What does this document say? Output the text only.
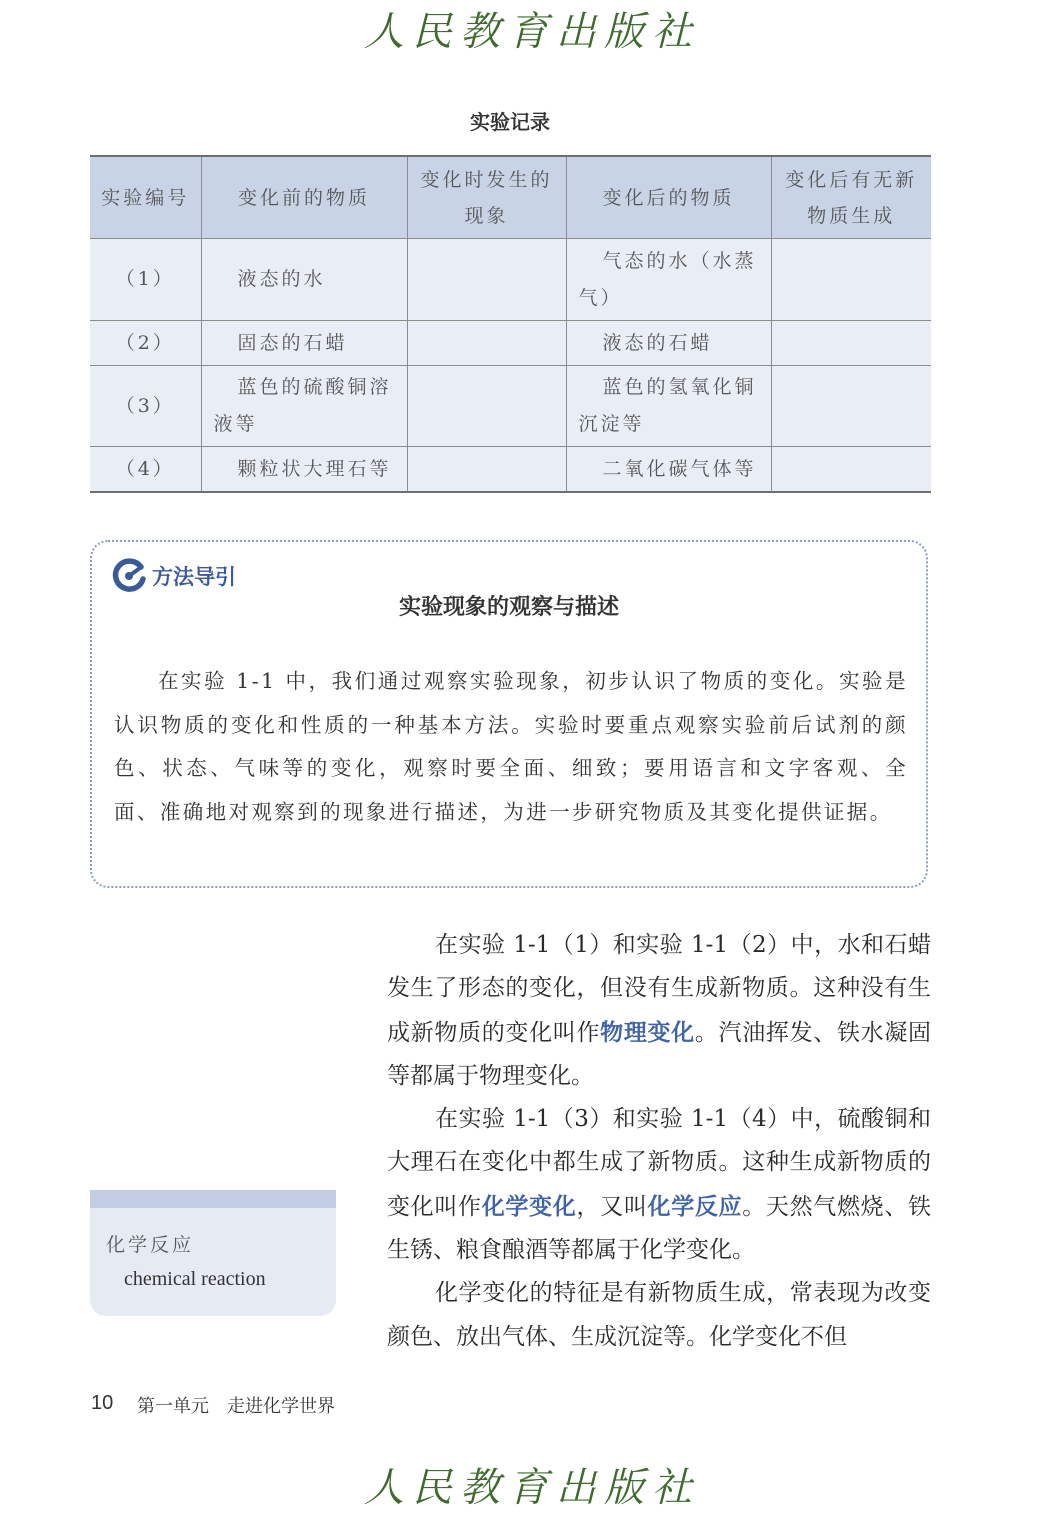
人民教育出版社
实验记录
实验编号	变化前的物质	变化时发生的现象	变化后的物质	变化后有无新物质生成
（1）	液态的水		气态的水（水蒸气）	
（2）	固态的石蜡		液态的石蜡	
（3）	蓝色的硫酸铜溶液等		蓝色的氢氧化铜沉淀等	
（4）	颗粒状大理石等		二氧化碳气体等	
方法导引
实验现象的观察与描述

在实验 1-1 中，我们通过观察实验现象，初步认识了物质的变化。实验是认识物质的变化和性质的一种基本方法。实验时要重点观察实验前后试剂的颜色、状态、气味等的变化，观察时要全面、细致；要用语言和文字客观、全面、准确地对观察到的现象进行描述，为进一步研究物质及其变化提供证据。

在实验 1-1（1）和实验 1-1（2）中，水和石蜡发生了形态的变化，但没有生成新物质。这种没有生成新物质的变化叫作物理变化。汽油挥发、铁水凝固等都属于物理变化。

在实验 1-1（3）和实验 1-1（4）中，硫酸铜和大理石在变化中都生成了新物质。这种生成新物质的变化叫作化学变化，又叫化学反应。天然气燃烧、铁生锈、粮食酿酒等都属于化学变化。

化学变化的特征是有新物质生成，常表现为改变颜色、放出气体、生成沉淀等。化学变化不但

化学反应
chemical reaction
10 第一单元　走进化学世界
人民教育出版社
